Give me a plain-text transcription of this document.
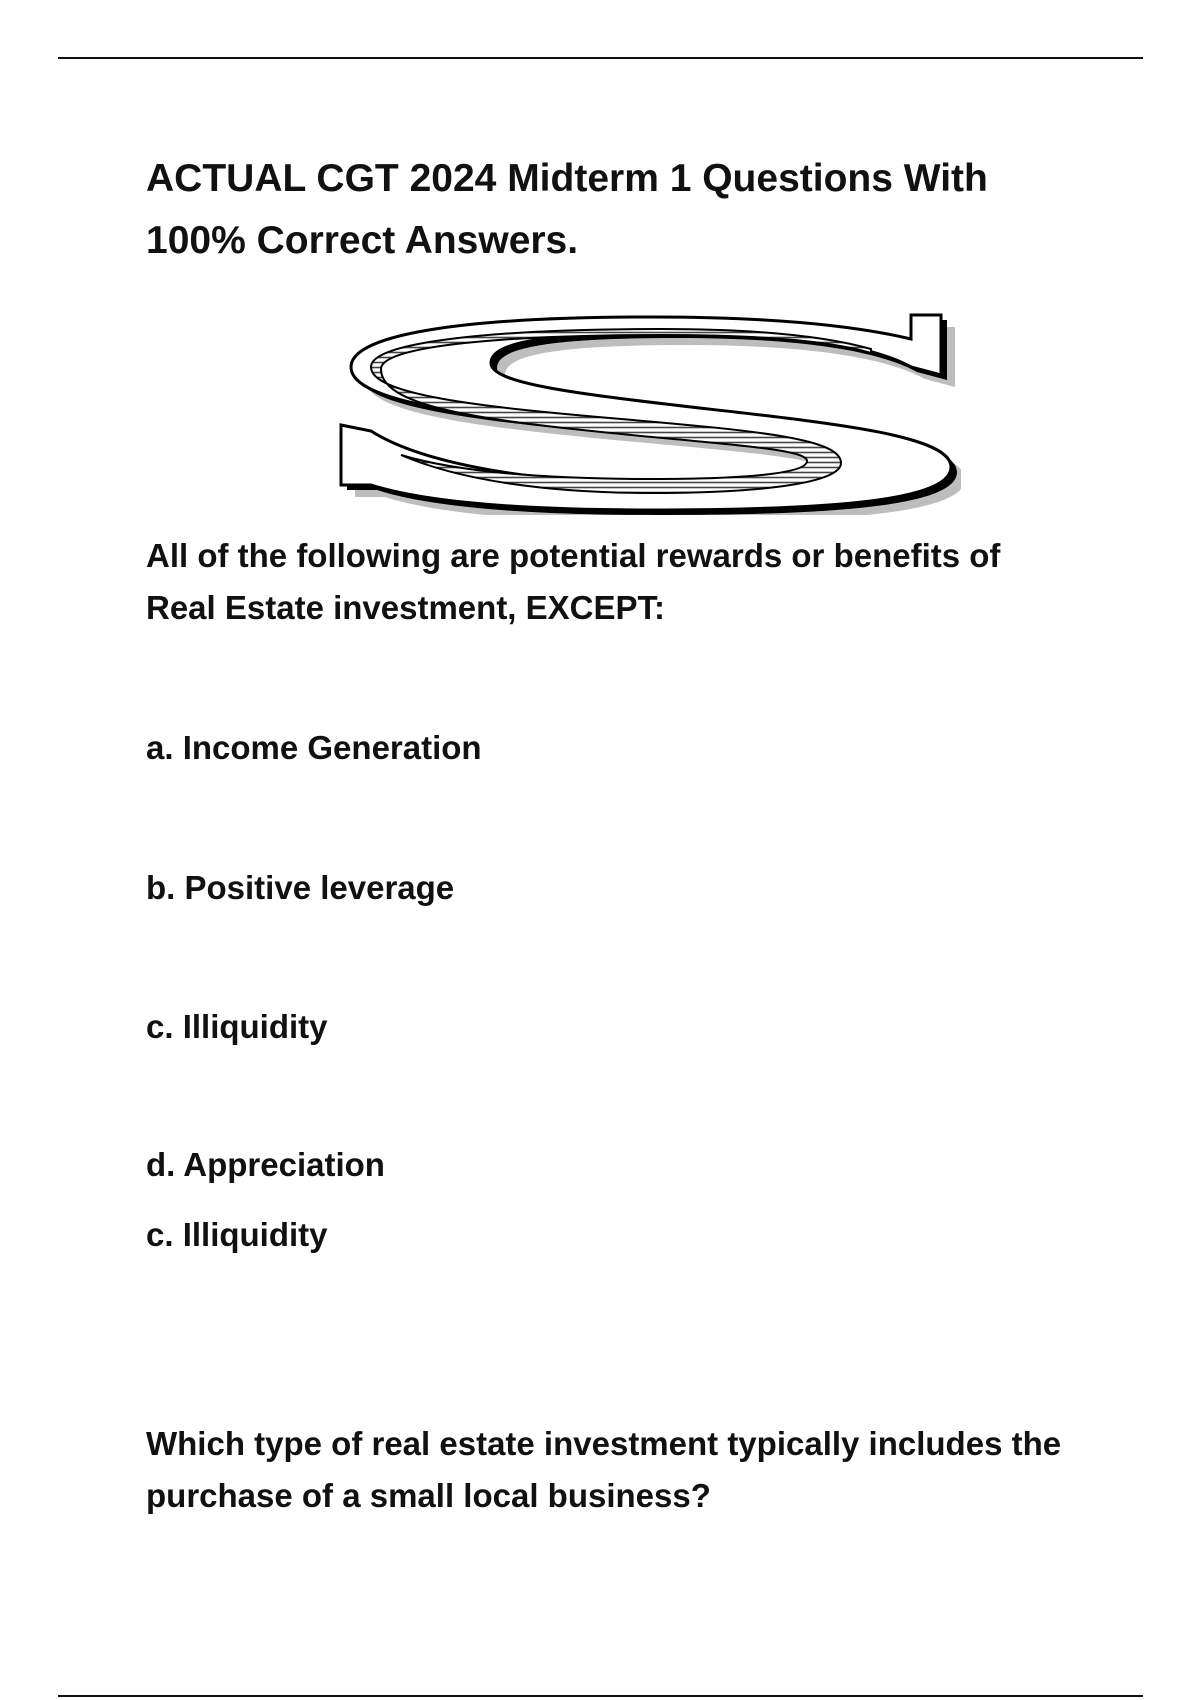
ACTUAL CGT 2024 Midterm 1 Questions With 100% Correct Answers.

All of the following are potential rewards or benefits of Real Estate investment, EXCEPT:

a. Income Generation

b. Positive leverage

c. Illiquidity

d. Appreciation

c. Illiquidity

Which type of real estate investment typically includes the purchase of a small local business?
